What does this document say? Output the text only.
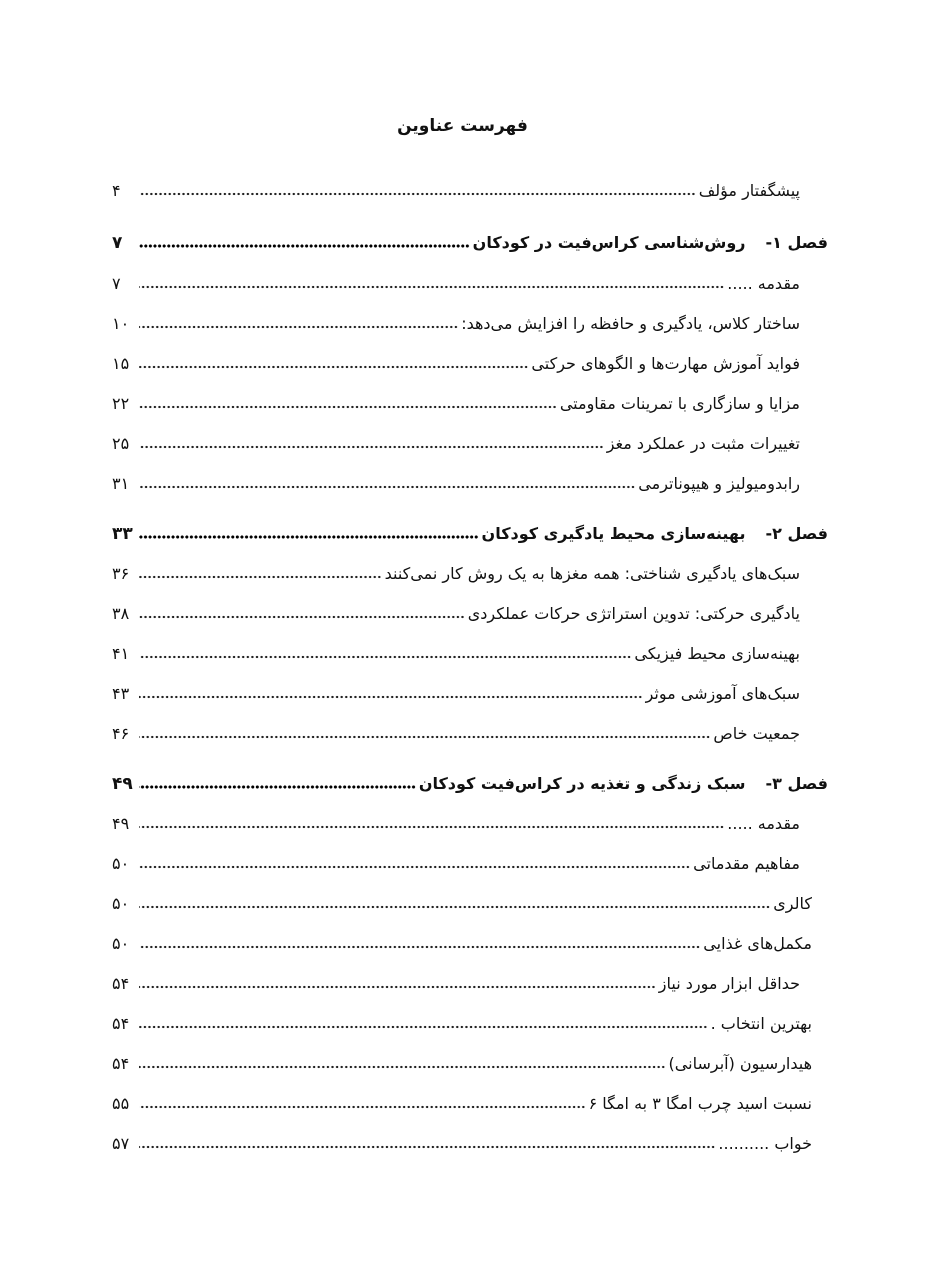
فهرست عناوین
پیشگفتار مؤلف
۴
فصل ۱-روش‌شناسی کراس‌فیت در کودکان
۷
مقدمه .....
۷
ساختار کلاس، یادگیری و حافظه را افزایش می‌دهد:
۱۰
فواید آموزش مهارت‌ها و الگوهای حرکتی
۱۵
مزایا و سازگاری با تمرینات مقاومتی
۲۲
تغییرات مثبت در عملکرد مغز
۲۵
رابدومیولیز و هیپوناترمی
۳۱
فصل ۲-بهینه‌سازی محیط یادگیری کودکان
۳۳
سبک‌های یادگیری شناختی: همه مغزها به یک روش کار نمی‌کنند
۳۶
یادگیری حرکتی: تدوین استراتژی حرکات عملکردی
۳۸
بهینه‌سازی محیط فیزیکی
۴۱
سبک‌های آموزشی موثر
۴۳
جمعیت خاص
۴۶
فصل ۳-سبک زندگی و تغذیه در کراس‌فیت کودکان
۴۹
مقدمه .....
۴۹
مفاهیم مقدماتی
۵۰
کالری
۵۰
مکمل‌های غذایی
۵۰
حداقل ابزار مورد نیاز
۵۴
بهترین انتخاب .
۵۴
هیدارسیون (آبرسانی)
۵۴
نسبت اسید چرب امگا ۳ به امگا ۶
۵۵
خواب ..........
۵۷
